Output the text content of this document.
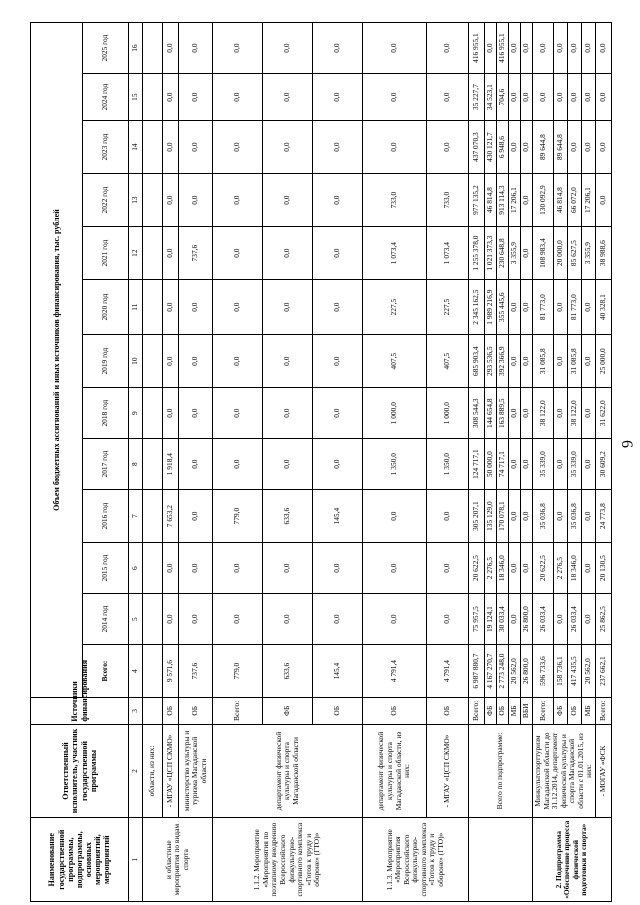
6
Наименование государственной программы, подпрограммы, основных мероприятий, мероприятий	Ответственный исполнитель, участник государственной программы	Источники финансирования	Объем бюджетных ассигнований и иных источников финансирования, тыс. рублей												
			Всего:	2014 год	2015 год	2016 год	2017 год	2018 год	2019 год	2020 год	2021 год	2022 год	2023 год	2024 год	2025 год
1	2	3	4	5	6	7	8	9	10	11	12	13	14	15	16
и областные мероприятия по видам спорта	области, из них:														
	- МГАУ «ЦСП СКМО»	ОБ	9 571,6	0,0	0,0	7 653,2	1 918,4	0,0	0,0	0,0	0,0	0,0	0,0	0,0	0,0
	министерство культуры и туризма Магаданской области	ОБ	737,6	0,0	0,0	0,0	0,0	0,0	0,0	0,0	737,6	0,0	0,0	0,0	0,0
1.1.2. Мероприятие «Мероприятия по поэтапному внедрению Всероссийского физкультурно-спортивного комплекса «Готов к труду и обороне» (ГТО)»	департамент физической культуры и спорта Магаданской области	Всего:	779,0	0,0	0,0	779,0	0,0	0,0	0,0	0,0	0,0	0,0	0,0	0,0	0,0
		ФБ	633,6	0,0	0,0	633,6	0,0	0,0	0,0	0,0	0,0	0,0	0,0	0,0	0,0
		ОБ	145,4	0,0	0,0	145,4	0,0	0,0	0,0	0,0	0,0	0,0	0,0	0,0	0,0
1.1.3. Мероприятие «Мероприятия Всероссийского физкультурно-спортивного комплекса «Готов к труду и обороне» (ГТО)»	департамент физической культуры и спорта Магаданской области, из них:	ОБ	4 791,4	0,0	0,0	0,0	1 350,0	1 000,0	407,5	227,5	1 073,4	733,0	0,0	0,0	0,0
	- МГАУ «ЦСП СКМО»	ОБ	4 791,4	0,0	0,0	0,0	1 350,0	1 000,0	407,5	227,5	1 073,4	733,0	0,0	0,0	0,0
	Всего по подпрограмме:	Всего:	6 987 880,7	75 957,5	20 622,5	305 207,1	124 717,1	308 544,3	685 903,4	2 345 162,5	1 255 378,0	977 135,2	437 070,3	35 227,7	416 955,1
		ФБ	4 167 270,7	19 124,1	2 276,5	135 129,0	50 000,0	144 654,8	293 536,5	1 989 216,9	1 021 373,3	46 814,8	430 121,7	34 523,1	0,0
		ОБ	2 773 248,0	30 033,4	18 346,0	170 078,1	74 717,1	163 889,5	392 366,9	355 445,6	230 648,8	913 114,3	6 948,6	704,6	416 955,1
		МБ	20 562,0	0,0	0,0	0,0	0,0	0,0	0,0	0,0	3 355,9	17 206,1	0,0	0,0	0,0
		ВБИ	26 800,0	26 800,0	0,0	0,0	0,0	0,0	0,0	0,0	0,0	0,0	0,0	0,0	0,0
2. Подпрограмма «Обеспечение процесса физической подготовки и спорта»	Минкультспорттуризм Магаданской области до 31.12.2014, департамент физической культуры и спорта Магаданской области с 01.01.2015, из них:	Всего:	596 733,6	26 033,4	20 622,5	35 036,8	35 339,0	38 122,0	31 085,8	81 773,0	108 983,4	130 092,9	89 644,8	0,0	0,0
		ФБ	158 736,1	0,0	2 276,5	0,0	0,0	0,0	0,0	0,0	20 000,0	46 814,8	89 644,8	0,0	0,0
		ОБ	417 435,5	26 033,4	18 346,0	35 036,8	35 339,0	38 122,0	31 085,8	81 773,0	85 627,5	66 072,0	0,0	0,0	0,0
		МБ	20 562,0	0,0	0,0	0,0	0,0	0,0	0,0	0,0	3 355,9	17 206,1	0,0	0,0	0,0
	- МОГАУ «ФСК	Всего:	237 662,1	25 862,5	20 130,5	24 773,8	30 609,2	31 622,0	25 000,0	40 328,1	38 988,6	0,0	0,0	0,0	0,0
